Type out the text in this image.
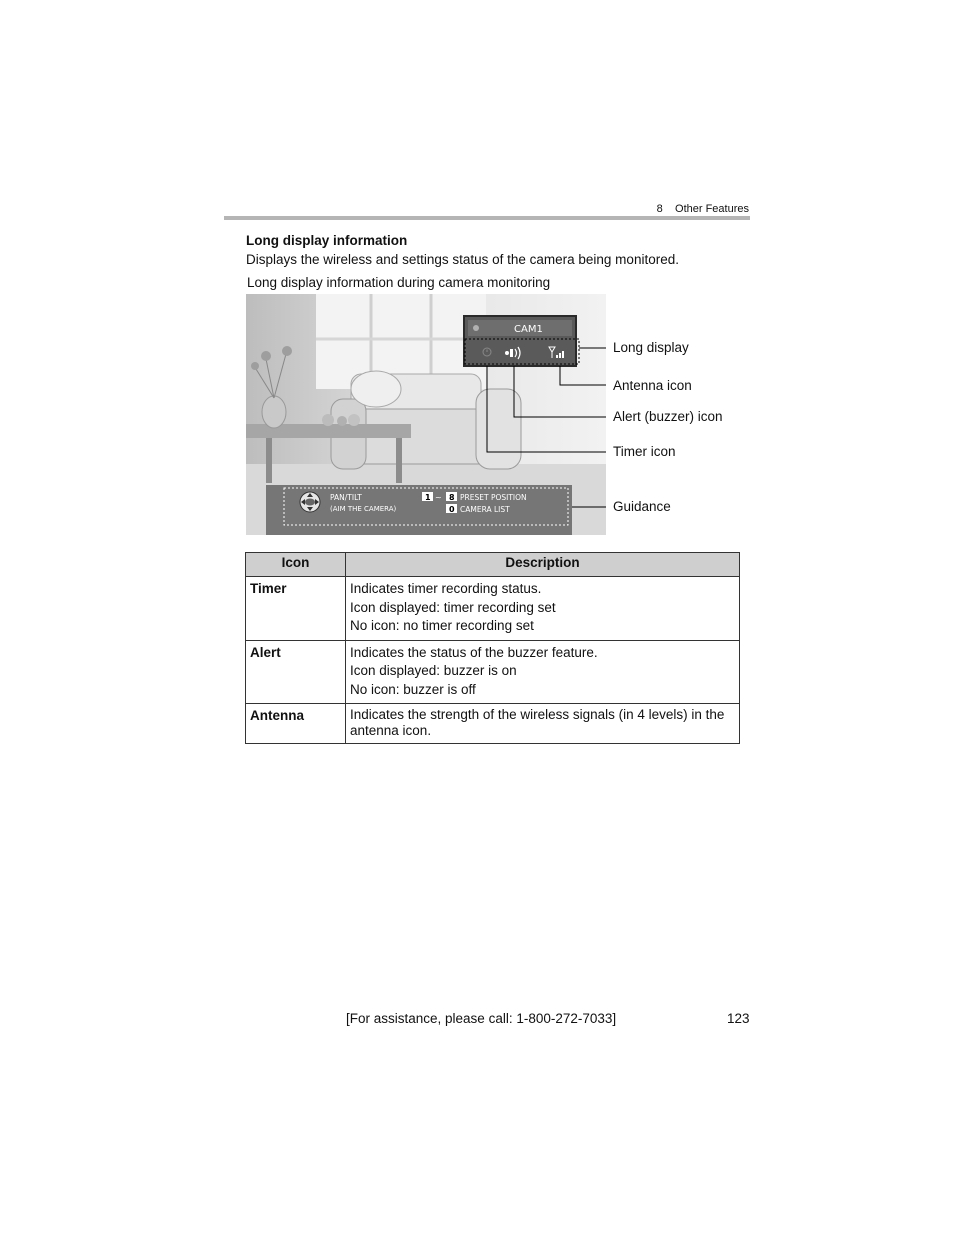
8    Other Features
Long display information
Displays the wireless and settings status of the camera being monitored.
Long display information during camera monitoring
CAM1
PAN/TILT
(AIM THE CAMERA)
1 ~ 8 PRESET POSITION
0 CAMERA LIST
Long display
Antenna icon
Alert (buzzer) icon
Timer icon
Guidance
Icon	Description
Timer	Indicates timer recording status.
Icon displayed: timer recording set
No icon: no timer recording set

Alert	Indicates the status of the buzzer feature.
Icon displayed: buzzer is on
No icon: buzzer is off

Antenna	Indicates the strength of the wireless signals (in 4 levels) in the antenna icon.
[For assistance, please call: 1-800-272-7033]	123
